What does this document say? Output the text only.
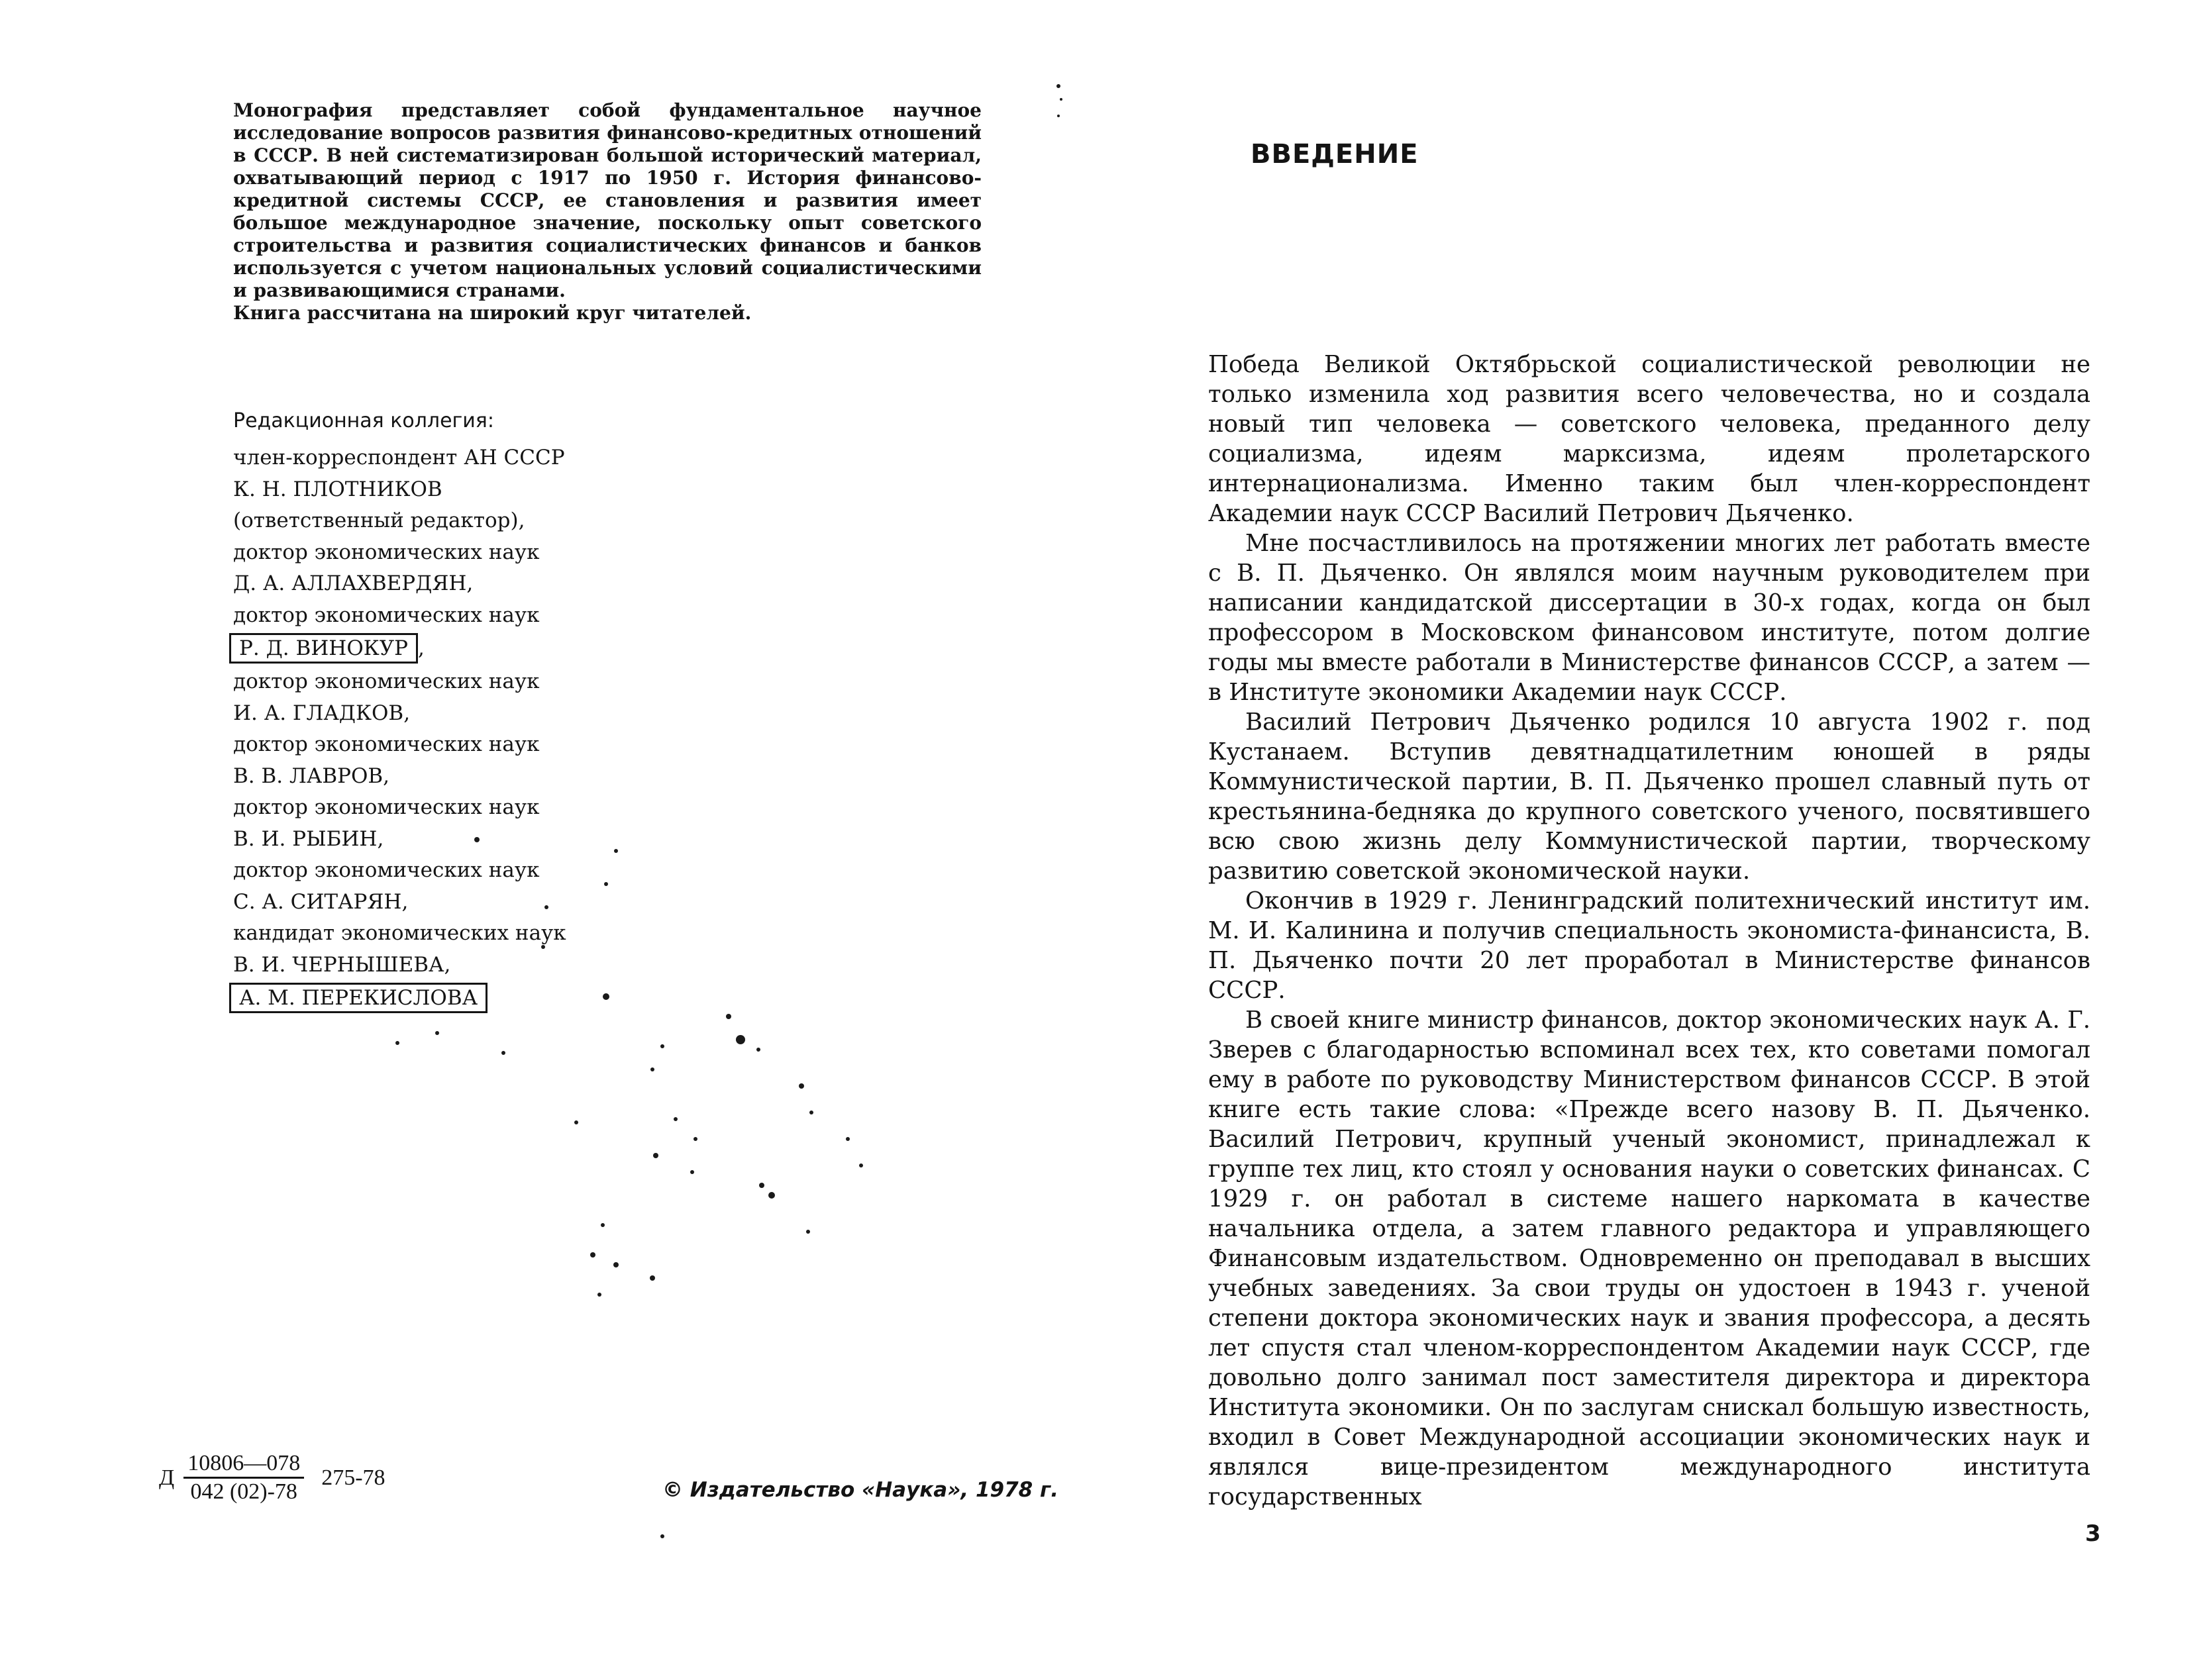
Монография представляет собой фундаментальное научное исследование вопросов развития финансово-кредитных отношений в СССР. В ней систематизирован большой исторический материал, охватывающий период с 1917 по 1950 г. История финансово-кредитной системы СССР, ее становления и развития имеет большое международное значение, поскольку опыт советского строительства и развития социалистических финансов и банков используется с учетом национальных условий социалистическими и развивающимися странами.

Книга рассчитана на широкий круг читателей.

Редакционная коллегия:
член-корреспондент АН СССР
К. Н. ПЛОТНИКОВ
(ответственный редактор),
доктор экономических наук
Д. А. АЛЛАХВЕРДЯН,
доктор экономических наук
Р. Д. ВИНОКУР ,
доктор экономических наук
И. А. ГЛАДКОВ,
доктор экономических наук
В. В. ЛАВРОВ,
доктор экономических наук
В. И. РЫБИН,
доктор экономических наук
С. А. СИТАРЯН,
кандидат экономических наук
В. И. ЧЕРНЫШЕВА,
А. М. ПЕРЕКИСЛОВА
Д $\frac{10806—078}{042 (02)-78} 275-78$
© Издательство «Наука», 1978 г.
ВВЕДЕНИЕ

Победа Великой Октябрьской социалистической революции не только изменила ход развития всего человечества, но и создала новый тип человека — советского человека, преданного делу социализма, идеям марксизма, идеям пролетарского интернационализма. Именно таким был член-корреспондент Академии наук СССР Василий Петрович Дьяченко.

Мне посчастливилось на протяжении многих лет работать вместе с В. П. Дьяченко. Он являлся моим научным руководителем при написании кандидатской диссертации в 30-х годах, когда он был профессором в Московском финансовом институте, потом долгие годы мы вместе работали в Министерстве финансов СССР, а затем — в Институте экономики Академии наук СССР.

Василий Петрович Дьяченко родился 10 августа 1902 г. под Кустанаем. Вступив девятнадцатилетним юношей в ряды Коммунистической партии, В. П. Дьяченко прошел славный путь от крестьянина-бедняка до крупного советского ученого, посвятившего всю свою жизнь делу Коммунистической партии, творческому развитию советской экономической науки.

Окончив в 1929 г. Ленинградский политехнический институт им. М. И. Калинина и получив специальность экономиста-финансиста, В. П. Дьяченко почти 20 лет проработал в Министерстве финансов СССР.

В своей книге министр финансов, доктор экономических наук А. Г. Зверев с благодарностью вспоминал всех тех, кто советами помогал ему в работе по руководству Министерством финансов СССР. В этой книге есть такие слова: «Прежде всего назову В. П. Дьяченко. Василий Петрович, крупный ученый экономист, принадлежал к группе тех лиц, кто стоял у основания науки о советских финансах. С 1929 г. он работал в системе нашего наркомата в качестве начальника отдела, а затем главного редактора и управляющего Финансовым издательством. Одновременно он преподавал в высших учебных заведениях. За свои труды он удостоен в 1943 г. ученой степени доктора экономических наук и звания профессора, а десять лет спустя стал членом-корреспондентом Академии наук СССР, где довольно долго занимал пост заместителя директора и директора Института экономики. Он по заслугам снискал большую известность, входил в Совет Международной ассоциации экономических наук и являлся вице-президентом международного института государственных

3
